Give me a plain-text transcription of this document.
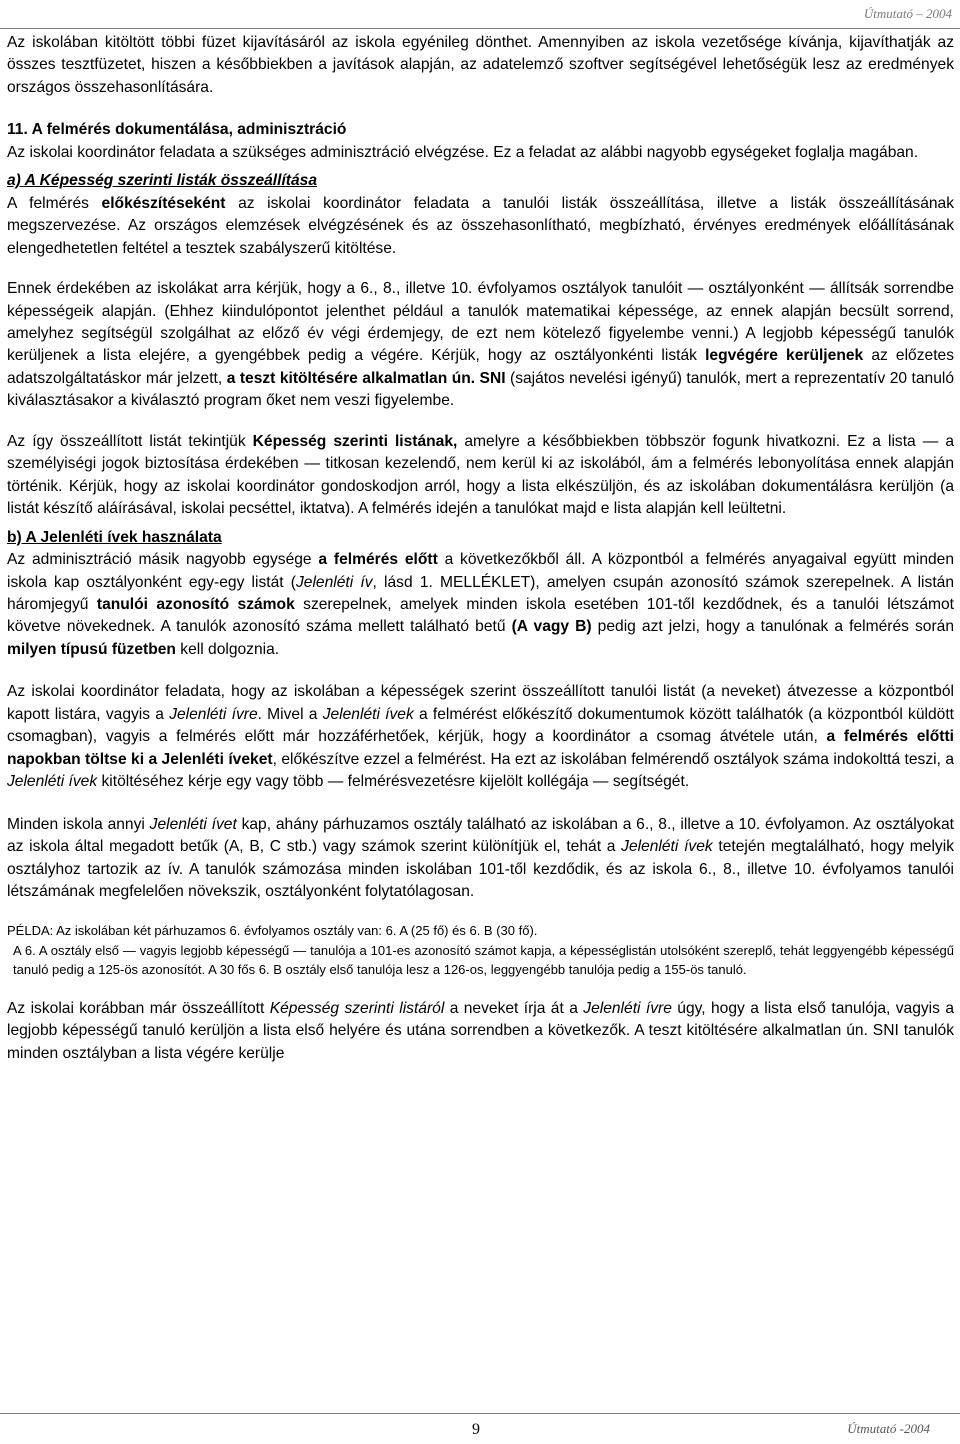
Útmutató – 2004

Az iskolában kitöltött többi füzet kijavításáról az iskola egyénileg dönthet. Amennyiben az iskola vezetősége kívánja, kijavíthatják az összes tesztfüzetet, hiszen a későbbiekben a javítások alapján, az adatelemző szoftver segítségével lehetőségük lesz az eredmények országos összehasonlítására.

11. A felmérés dokumentálása, adminisztráció

Az iskolai koordinátor feladata a szükséges adminisztráció elvégzése. Ez a feladat az alábbi nagyobb egységeket foglalja magában.

a) A Képesség szerinti listák összeállítása

A felmérés előkészítéseként az iskolai koordinátor feladata a tanulói listák összeállítása, illetve a listák összeállításának megszervezése. Az országos elemzések elvégzésének és az összehasonlítható, megbízható, érvényes eredmények előállításának elengedhetetlen feltétel a tesztek szabályszerű kitöltése.

Ennek érdekében az iskolákat arra kérjük, hogy a 6., 8., illetve 10. évfolyamos osztályok tanulóit — osztályonként — állítsák sorrendbe képességeik alapján. (Ehhez kiindulópontot jelenthet például a tanulók matematikai képessége, az ennek alapján becsült sorrend, amelyhez segítségül szolgálhat az előző év végi érdemjegy, de ezt nem kötelező figyelembe venni.) A legjobb képességű tanulók kerüljenek a lista elejére, a gyengébbek pedig a végére. Kérjük, hogy az osztályonkénti listák legvégére kerüljenek az előzetes adatszolgáltatáskor már jelzett, a teszt kitöltésére alkalmatlan ún. SNI (sajátos nevelési igényű) tanulók, mert a reprezentatív 20 tanuló kiválasztásakor a kiválasztó program őket nem veszi figyelembe.

Az így összeállított listát tekintjük Képesség szerinti listának, amelyre a későbbiekben többször fogunk hivatkozni. Ez a lista — a személyiségi jogok biztosítása érdekében — titkosan kezelendő, nem kerül ki az iskolából, ám a felmérés lebonyolítása ennek alapján történik. Kérjük, hogy az iskolai koordinátor gondoskodjon arról, hogy a lista elkészüljön, és az iskolában dokumentálásra kerüljön (a listát készítő aláírásával, iskolai pecséttel, iktatva). A felmérés idején a tanulókat majd e lista alapján kell leültetni.

b) A Jelenléti ívek használata

Az adminisztráció másik nagyobb egysége a felmérés előtt a következőkből áll. A központból a felmérés anyagaival együtt minden iskola kap osztályonként egy-egy listát (Jelenléti ív, lásd 1. MELLÉKLET), amelyen csupán azonosító számok szerepelnek. A listán háromjegyű tanulói azonosító számok szerepelnek, amelyek minden iskola esetében 101-től kezdődnek, és a tanulói létszámot követve növekednek. A tanulók azonosító száma mellett található betű (A vagy B) pedig azt jelzi, hogy a tanulónak a felmérés során milyen típusú füzetben kell dolgoznia.

Az iskolai koordinátor feladata, hogy az iskolában a képességek szerint összeállított tanulói listát (a neveket) átvezesse a központból kapott listára, vagyis a Jelenléti ívre. Mivel a Jelenléti ívek a felmérést előkészítő dokumentumok között találhatók (a központból küldött csomagban), vagyis a felmérés előtt már hozzáférhetőek, kérjük, hogy a koordinátor a csomag átvétele után, a felmérés előtti napokban töltse ki a Jelenléti íveket, előkészítve ezzel a felmérést. Ha ezt az iskolában felmérendő osztályok száma indokolttá teszi, a Jelenléti ívek kitöltéséhez kérje egy vagy több — felmérésvezetésre kijelölt kollégája — segítségét.

Minden iskola annyi Jelenléti ívet kap, ahány párhuzamos osztály található az iskolában a 6., 8., illetve a 10. évfolyamon. Az osztályokat az iskola által megadott betűk (A, B, C stb.) vagy számok szerint különítjük el, tehát a Jelenléti ívek tetején megtalálható, hogy melyik osztályhoz tartozik az ív. A tanulók számozása minden iskolában 101-től kezdődik, és az iskola 6., 8., illetve 10. évfolyamos tanulói létszámának megfelelően növekszik, osztályonként folytatólagosan.

PÉLDA: Az iskolában két párhuzamos 6. évfolyamos osztály van: 6. A (25 fő) és 6. B (30 fő).

A 6. A osztály első — vagyis legjobb képességű — tanulója a 101-es azonosító számot kapja, a képességlistán utolsóként szereplő, tehát leggyengébb képességű tanuló pedig a 125-ös azonosítót. A 30 fős 6. B osztály első tanulója lesz a 126-os, leggyengébb tanulója pedig a 155-ös tanuló.

Az iskolai korábban már összeállított Képesség szerinti listáról a neveket írja át a Jelenléti ívre úgy, hogy a lista első tanulója, vagyis a legjobb képességű tanuló kerüljön a lista első helyére és utána sorrendben a következők. A teszt kitöltésére alkalmatlan ún. SNI tanulók minden osztályban a lista végére kerülje

9	Útmutató -2004
